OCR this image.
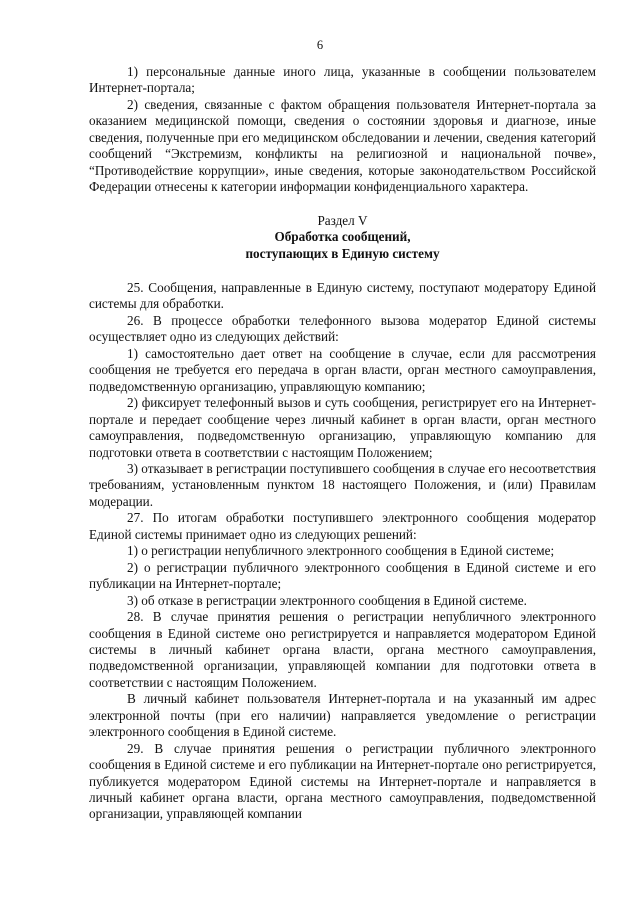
6

1) персональные данные иного лица, указанные в сообщении пользователем Интернет-портала;

2) сведения, связанные с фактом обращения пользователя Интернет-портала за оказанием медицинской помощи, сведения о состоянии здоровья и диагнозе, иные сведения, полученные при его медицинском обследовании и лечении, сведения категорий сообщений “Экстремизм, конфликты на религиозной и национальной почве», “Противодействие коррупции», иные сведения, которые законодательством Российской Федерации отнесены к категории информации конфиденциального характера.

Раздел V

Обработка сообщений,

поступающих в Единую систему

25. Сообщения, направленные в Единую систему, поступают модератору Единой системы для обработки.

26. В процессе обработки телефонного вызова модератор Единой системы осуществляет одно из следующих действий:

1) самостоятельно дает ответ на сообщение в случае, если для рассмотрения сообщения не требуется его передача в орган власти, орган местного самоуправления, подведомственную организацию, управляющую компанию;

2) фиксирует телефонный вызов и суть сообщения, регистрирует его на Интернет-портале и передает сообщение через личный кабинет в орган власти, орган местного самоуправления, подведомственную организацию, управляющую компанию для подготовки ответа в соответствии с настоящим Положением;

3) отказывает в регистрации поступившего сообщения в случае его несоответствия требованиям, установленным пунктом 18 настоящего Положения, и (или) Правилам модерации.

27. По итогам обработки поступившего электронного сообщения модератор Единой системы принимает одно из следующих решений:

1) о регистрации непубличного электронного сообщения в Единой системе;

2) о регистрации публичного электронного сообщения в Единой системе и его публикации на Интернет-портале;

3) об отказе в регистрации электронного сообщения в Единой системе.

28. В случае принятия решения о регистрации непубличного электронного сообщения в Единой системе оно регистрируется и направляется модератором Единой системы в личный кабинет органа власти, органа местного самоуправления, подведомственной организации, управляющей компании для подготовки ответа в соответствии с настоящим Положением.

В личный кабинет пользователя Интернет-портала и на указанный им адрес электронной почты (при его наличии) направляется уведомление о регистрации электронного сообщения в Единой системе.

29. В случае принятия решения о регистрации публичного электронного сообщения в Единой системе и его публикации на Интернет-портале оно регистрируется, публикуется модератором Единой системы на Интернет-портале и направляется в личный кабинет органа власти, органа местного самоуправления, подведомственной организации, управляющей компании
